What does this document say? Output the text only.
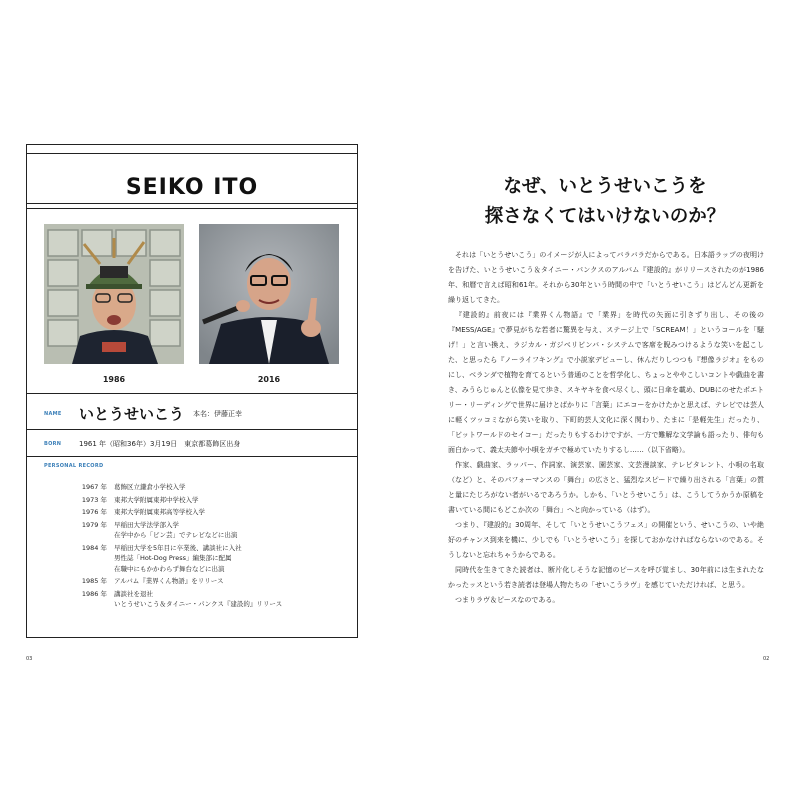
SEIKO ITO
1986	2016
NAME いとうせいこう 本名：伊藤正幸
BORN	1961 年（昭和36年）3月19日　東京都葛飾区出身
PERSONAL RECORD
1967 年	葛飾区立鎌倉小学校入学
1973 年	東邦大学附属東邦中学校入学
1976 年	東邦大学附属東邦高等学校入学
1979 年	早稲田大学法学部入学
在学中から「ピン芸」でテレビなどに出演
1984 年	早稲田大学を5年目に卒業後、講談社に入社
男性誌「Hot-Dog Press」編集部に配属
在職中にもかかわらず舞台などに出演
1985 年	アルバム『業界くん物語』をリリース
1986 年	講談社を退社
いとうせいこう＆タイニー・パンクス『建設的』リリース
03
なぜ、いとうせいこうを
探さなくてはいけないのか？

それは「いとうせいこう」のイメージが人によってバラバラだからである。日本語ラップの夜明けを告げた、いとうせいこう＆タイニー・パンクスのアルバム『建設的』がリリースされたのが1986年、和暦で言えば昭和61年。それから30年という時間の中で「いとうせいこう」はどんどん更新を繰り返してきた。

『建設的』前夜には『業界くん物語』で「業界」を時代の矢面に引きずり出し、その後の『MESS/AGE』で夢見がちな若者に驚異を与え、ステージ上で「SCREAM！」というコールを「騒げ！」と言い換え、ラジカル・ガジベリビンバ・システムで客席を睨みつけるような笑いを起こした、と思ったら『ノーライフキング』で小説家デビューし、休んだりしつつも『想像ラジオ』をものにし、ベランダで植物を育てるという普通のことを哲学化し、ちょっとややこしいコントや戯曲を書き、みうらじゅんと仏像を見て歩き、スキヤキを食べ尽くし、頭に日傘を載め、DUBにのせたポエトリー・リーディングで世界に届けとばかりに「言葉」にエコーをかけたかと思えば、テレビでは芸人に軽くツッコミながら笑いを取り、下町的芸人文化に深く関わり、たまに「是軽先生」だったり、「ビットワールドのセイコー」だったりもするわけですが、一方で難解な文学論も語ったり、俳句も面白かって、義太夫節や小唄をガチで極めていたりするし……（以下省略）。

作家、戯曲家、ラッパー、作詞家、演芸家、園芸家、文芸漫談家、テレビタレント、小唄の名取（など）と、そのパフォーマンスの「舞台」の広さと、猛烈なスピードで繰り出される「言葉」の質と量にたじろがない者がいるであろうか。しかも、「いとうせいこう」は、こうしてうかうか原稿を書いている間にもどこか次の「舞台」へと向かっている（はず）。

つまり、『建設的』30周年、そして「いとうせいこうフェス」の開催という、せいこうの、いや絶好のチャンス到来を機に、少しでも「いとうせいこう」を探しておかなければならないのである。そうしないと忘れちゃうからである。

同時代を生きてきた読者は、断片化しそうな記憶のピースを呼び覚まし、30年前には生まれたなかったッスという若き読者は登場人物たちの「せいこうラヴ」を感じていただければ、と思う。

つまりラヴ＆ピースなのである。

02
